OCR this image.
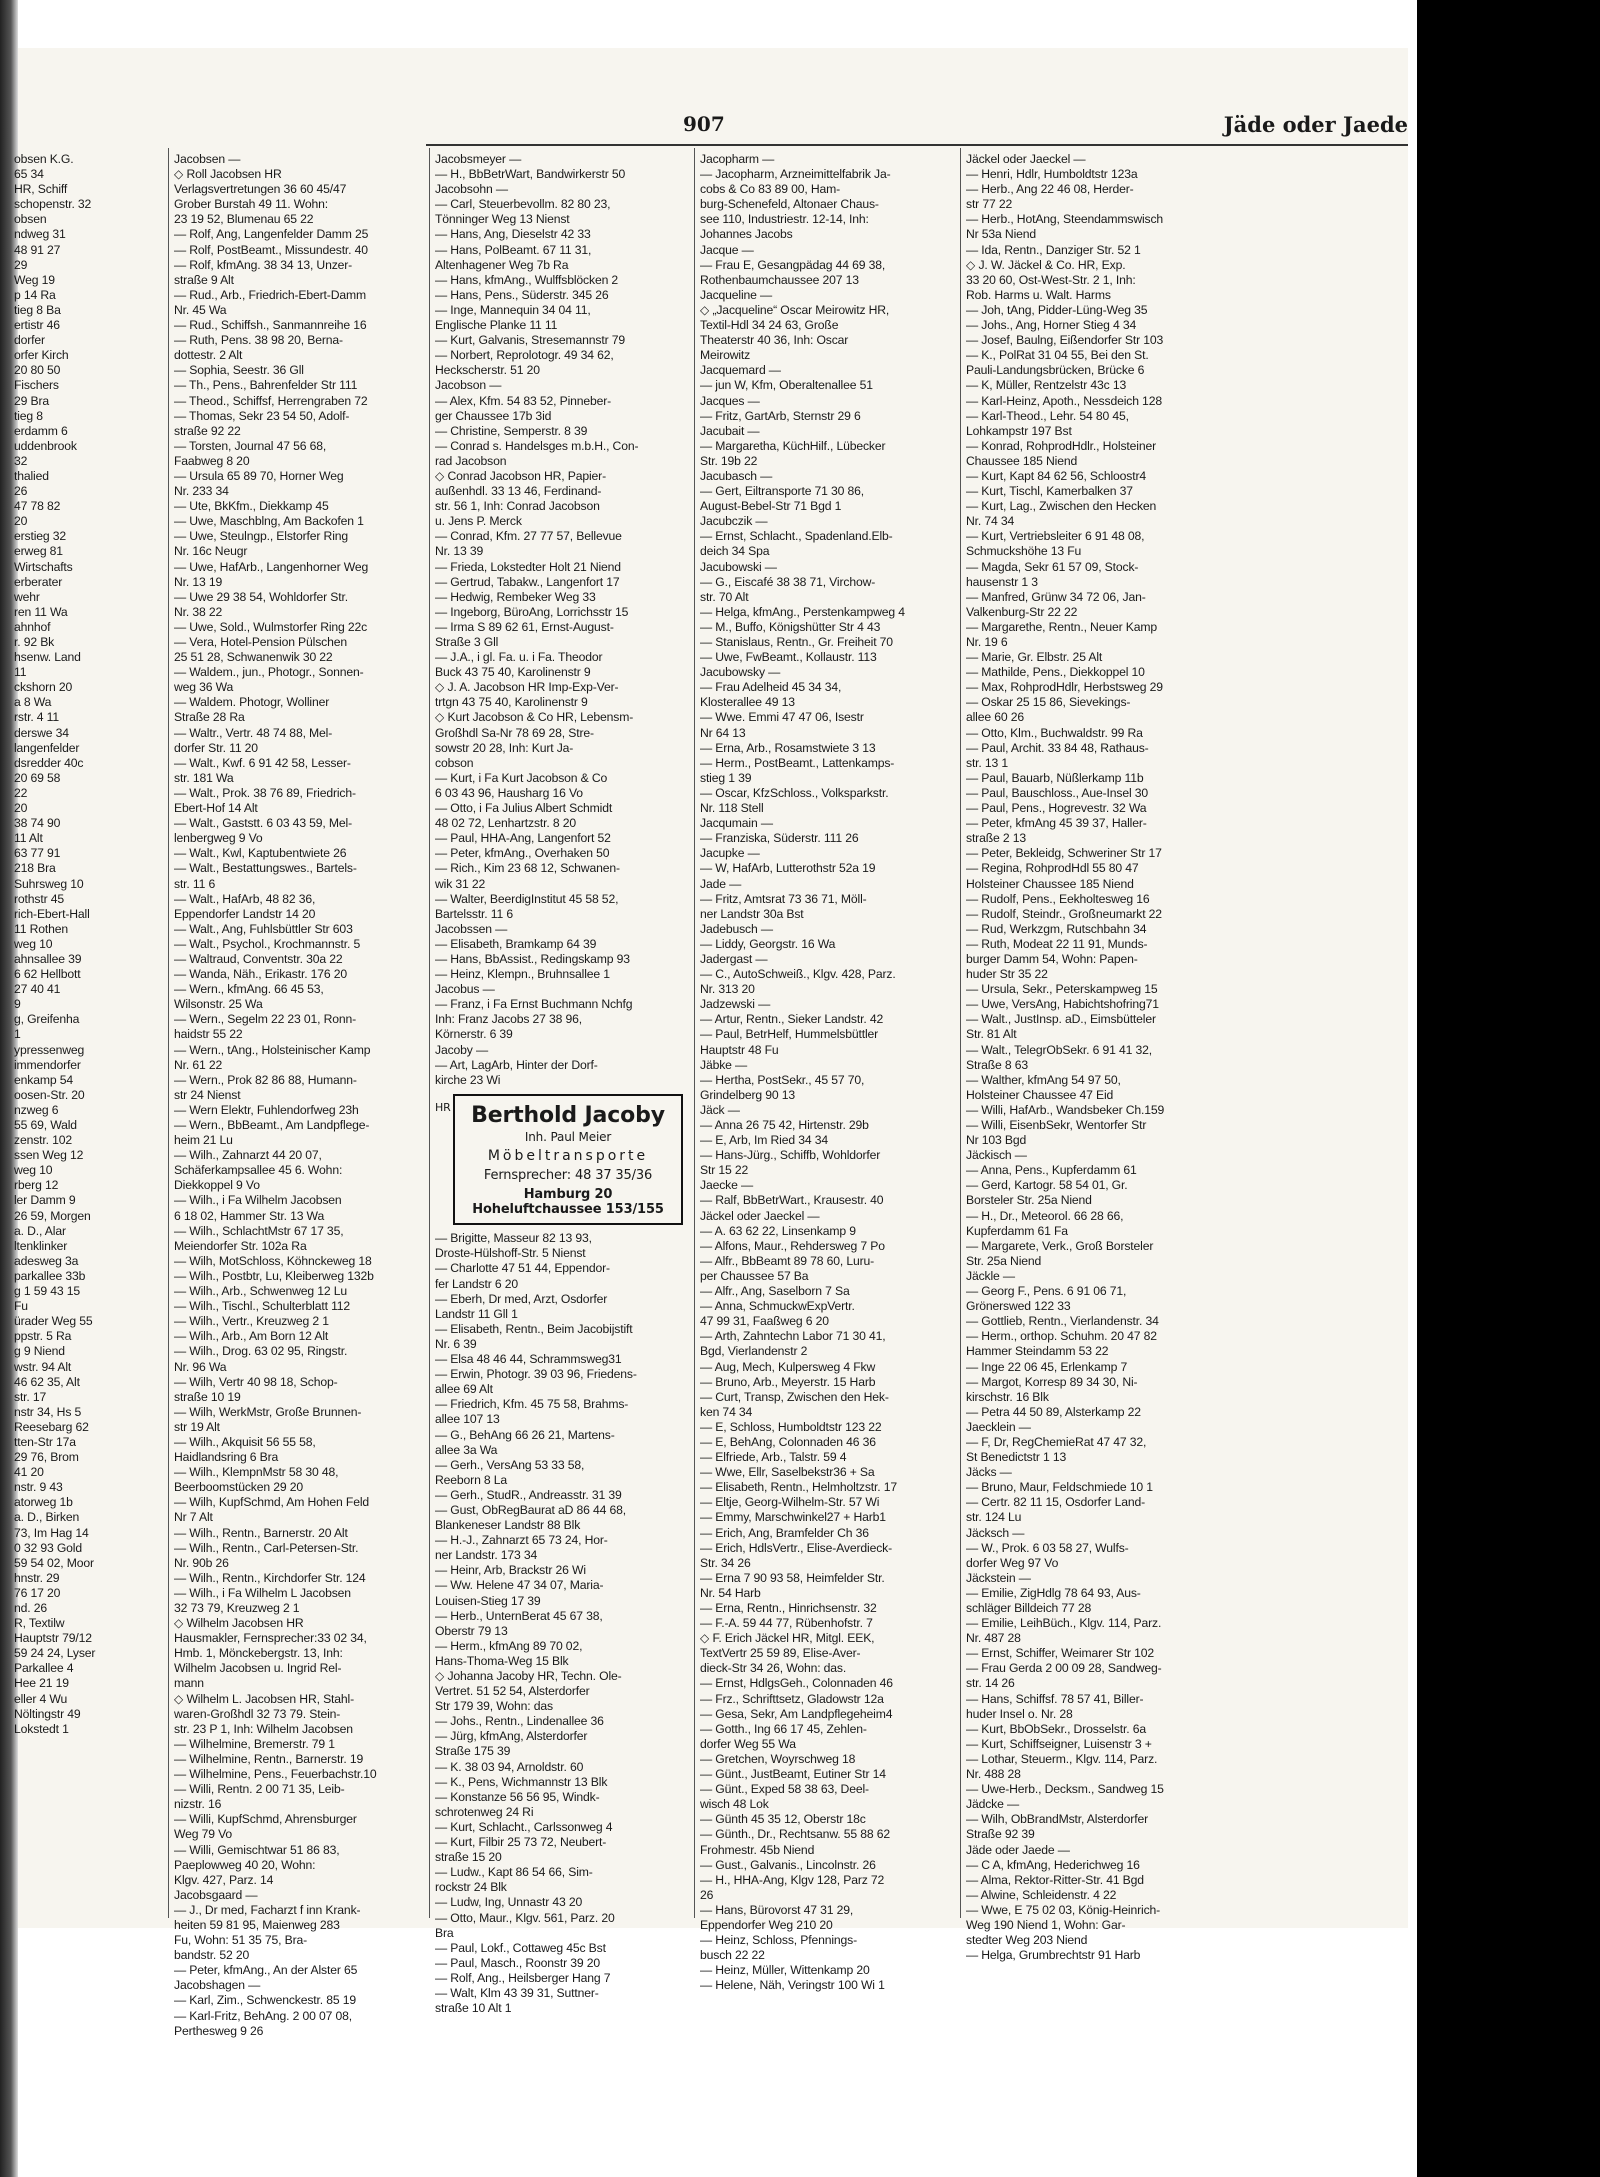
907	Jäde oder Jaede
obsen K.G.
65 34
HR, Schiff
schopenstr. 32
obsen
ndweg 31
48 91 27
29
Weg 19
p 14 Ra
tieg 8 Ba
ertistr 46
dorfer
orfer Kirch
20 80 50
Fischers
29 Bra
tieg 8
erdamm 6
uddenbrook
32
thalied
26
47 78 82
20
erstieg 32
erweg 81
Wirtschafts
erberater
wehr
ren 11 Wa
ahnhof
r. 92 Bk
hsenw. Land
11
ckshorn 20
a 8 Wa
rstr. 4 11
derswe 34
langenfelder
dsredder 40c
20 69 58
22
20
38 74 90
11 Alt
63 77 91
218 Bra
Suhrsweg 10
rothstr 45
rich-Ebert-Hall
11 Rothen
weg 10
ahnsallee 39
6 62 Hellbott
27 40 41
9
g, Greifenha
1
ypressenweg
immendorfer
enkamp 54
oosen-Str. 20
nzweg 6
55 69, Wald
zenstr. 102
ssen Weg 12
weg 10
rberg 12
ler Damm 9
26 59, Morgen
a. D., Alar
ltenklinker
adesweg 3a
parkallee 33b
g 1 59 43 15
Fu
ürader Weg 55
ppstr. 5 Ra
g 9 Niend
wstr. 94 Alt
46 62 35, Alt
str. 17
nstr 34, Hs 5
Reesebarg 62
tten-Str 17a
29 76, Brom
41 20
nstr. 9 43
atorweg 1b
a. D., Birken
73, Im Hag 14
0 32 93 Gold
59 54 02, Moor
hnstr. 29
76 17 20
nd. 26
R, Textilw
Hauptstr 79/12
59 24 24, Lyser
Parkallee 4
Hee 21 19
eller 4 Wu
Nöltingstr 49
Lokstedt 1
Jacobsen —
◇ Roll Jacobsen HR
Verlagsvertretungen 36 60 45/47
Grober Burstah 49 11. Wohn:
23 19 52, Blumenau 65 22
— Rolf, Ang, Langenfelder Damm 25
— Rolf, PostBeamt., Missundestr. 40
— Rolf, kfmAng. 38 34 13, Unzer-
straße 9 Alt
— Rud., Arb., Friedrich-Ebert-Damm
Nr. 45 Wa
— Rud., Schiffsh., Sanmannreihe 16
— Ruth, Pens. 38 98 20, Berna-
dottestr. 2 Alt
— Sophia, Seestr. 36 Gll
— Th., Pens., Bahrenfelder Str 111
— Theod., Schiffsf, Herrengraben 72
— Thomas, Sekr 23 54 50, Adolf-
straße 92 22
— Torsten, Journal 47 56 68,
Faabweg 8 20
— Ursula 65 89 70, Horner Weg
Nr. 233 34
— Ute, BkKfm., Diekkamp 45
— Uwe, Maschblng, Am Backofen 1
— Uwe, Steulngp., Elstorfer Ring
Nr. 16c Neugr
— Uwe, HafArb., Langenhorner Weg
Nr. 13 19
— Uwe 29 38 54, Wohldorfer Str.
Nr. 38 22
— Uwe, Sold., Wulmstorfer Ring 22c
— Vera, Hotel-Pension Pülschen
25 51 28, Schwanenwik 30 22
— Waldem., jun., Photogr., Sonnen-
weg 36 Wa
— Waldem. Photogr, Wolliner
Straße 28 Ra
— Waltr., Vertr. 48 74 88, Mel-
dorfer Str. 11 20
— Walt., Kwf. 6 91 42 58, Lesser-
str. 181 Wa
— Walt., Prok. 38 76 89, Friedrich-
Ebert-Hof 14 Alt
— Walt., Gaststt. 6 03 43 59, Mel-
lenbergweg 9 Vo
— Walt., Kwl, Kaptubentwiete 26
— Walt., Bestattungswes., Bartels-
str. 11 6
— Walt., HafArb, 48 82 36,
Eppendorfer Landstr 14 20
— Walt., Ang, Fuhlsbüttler Str 603
— Walt., Psychol., Krochmannstr. 5
— Waltraud, Conventstr. 30a 22
— Wanda, Näh., Erikastr. 176 20
— Wern., kfmAng. 66 45 53,
Wilsonstr. 25 Wa
— Wern., Segelm 22 23 01, Ronn-
haidstr 55 22
— Wern., tAng., Holsteinischer Kamp
Nr. 61 22
— Wern., Prok 82 86 88, Humann-
str 24 Nienst
— Wern Elektr, Fuhlendorfweg 23h
— Wern., BbBeamt., Am Landpflege-
heim 21 Lu
— Wilh., Zahnarzt 44 20 07,
Schäferkampsallee 45 6. Wohn:
Diekkoppel 9 Vo
— Wilh., i Fa Wilhelm Jacobsen
6 18 02, Hammer Str. 13 Wa
— Wilh., SchlachtMstr 67 17 35,
Meiendorfer Str. 102a Ra
— Wilh, MotSchloss, Köhnckeweg 18
— Wilh., Postbtr, Lu, Kleiberweg 132b
— Wilh., Arb., Schwenweg 12 Lu
— Wilh., Tischl., Schulterblatt 112
— Wilh., Vertr., Kreuzweg 2 1
— Wilh., Arb., Am Born 12 Alt
— Wilh., Drog. 63 02 95, Ringstr.
Nr. 96 Wa
— Wilh, Vertr 40 98 18, Schop-
straße 10 19
— Wilh, WerkMstr, Große Brunnen-
str 19 Alt
— Wilh., Akquisit 56 55 58,
Haidlandsring 6 Bra
— Wilh., KlempnMstr 58 30 48,
Beerboomstücken 29 20
— Wilh, KupfSchmd, Am Hohen Feld
Nr 7 Alt
— Wilh., Rentn., Barnerstr. 20 Alt
— Wilh., Rentn., Carl-Petersen-Str.
Nr. 90b 26
— Wilh., Rentn., Kirchdorfer Str. 124
— Wilh., i Fa Wilhelm L Jacobsen
32 73 79, Kreuzweg 2 1
◇ Wilhelm Jacobsen HR
Hausmakler, Fernsprecher:33 02 34,
Hmb. 1, Mönckebergstr. 13, Inh:
Wilhelm Jacobsen u. Ingrid Rel-
mann
◇ Wilhelm L. Jacobsen HR, Stahl-
waren-Großhdl 32 73 79. Stein-
str. 23 P 1, Inh: Wilhelm Jacobsen
— Wilhelmine, Bremerstr. 79 1
— Wilhelmine, Rentn., Barnerstr. 19
— Wilhelmine, Pens., Feuerbachstr.10
— Willi, Rentn. 2 00 71 35, Leib-
nizstr. 16
— Willi, KupfSchmd, Ahrensburger
Weg 79 Vo
— Willi, Gemischtwar 51 86 83,
Paeplowweg 40 20, Wohn:
Klgv. 427, Parz. 14
Jacobsgaard —
— J., Dr med, Facharzt f inn Krank-
heiten 59 81 95, Maienweg 283
Fu, Wohn: 51 35 75, Bra-
bandstr. 52 20
— Peter, kfmAng., An der Alster 65
Jacobshagen —
— Karl, Zim., Schwenckestr. 85 19
— Karl-Fritz, BehAng. 2 00 07 08,
Perthesweg 9 26
Jacobsmeyer —
— H., BbBetrWart, Bandwirkerstr 50
Jacobsohn —
— Carl, Steuerbevollm. 82 80 23,
Tönninger Weg 13 Nienst
— Hans, Ang, Dieselstr 42 33
— Hans, PolBeamt. 67 11 31,
Altenhagener Weg 7b Ra
— Hans, kfmAng., Wulffsblöcken 2
— Hans, Pens., Süderstr. 345 26
— Inge, Mannequin 34 04 11,
Englische Planke 11 11
— Kurt, Galvanis, Stresemannstr 79
— Norbert, Reprolotogr. 49 34 62,
Heckscherstr. 51 20
Jacobson —
— Alex, Kfm. 54 83 52, Pinneber-
ger Chaussee 17b 3id
— Christine, Semperstr. 8 39
— Conrad s. Handelsges m.b.H., Con-
rad Jacobson
◇ Conrad Jacobson HR, Papier-
außenhdl. 33 13 46, Ferdinand-
str. 56 1, Inh: Conrad Jacobson
u. Jens P. Merck
— Conrad, Kfm. 27 77 57, Bellevue
Nr. 13 39
— Frieda, Lokstedter Holt 21 Niend
— Gertrud, Tabakw., Langenfort 17
— Hedwig, Rembeker Weg 33
— Ingeborg, BüroAng, Lorrichsstr 15
— Irma S 89 62 61, Ernst-August-
Straße 3 Gll
— J.A., i gl. Fa. u. i Fa. Theodor
Buck 43 75 40, Karolinenstr 9
◇ J. A. Jacobson HR Imp-Exp-Ver-
trtgn 43 75 40, Karolinenstr 9
◇ Kurt Jacobson & Co HR, Lebensm-
Großhdl Sa-Nr 78 69 28, Stre-
sowstr 20 28, Inh: Kurt Ja-
cobson
— Kurt, i Fa Kurt Jacobson & Co
6 03 43 96, Hausharg 16 Vo
— Otto, i Fa Julius Albert Schmidt
48 02 72, Lenhartzstr. 8 20
— Paul, HHA-Ang, Langenfort 52
— Peter, kfmAng., Overhaken 50
— Rich., Kim 23 68 12, Schwanen-
wik 31 22
— Walter, BeerdigInstitut 45 58 52,
Bartelsstr. 11 6
Jacobssen —
— Elisabeth, Bramkamp 64 39
— Hans, BbAssist., Redingskamp 93
— Heinz, Klempn., Bruhnsallee 1
Jacobus —
— Franz, i Fa Ernst Buchmann Nchfg
Inh: Franz Jacobs 27 38 96,
Körnerstr. 6 39
Jacoby —
— Art, LagArb, Hinter der Dorf-
kirche 23 Wi
Berthold Jacoby
Inh. Paul Meier
Möbeltransporte
Fernsprecher: 48 37 35/36
Hamburg 20
Hoheluftchaussee 153/155
HR
— Brigitte, Masseur 82 13 93,
Droste-Hülshoff-Str. 5 Nienst
— Charlotte 47 51 44, Eppendor-
fer Landstr 6 20
— Eberh, Dr med, Arzt, Osdorfer
Landstr 11 Gll 1
— Elisabeth, Rentn., Beim Jacobijstift
Nr. 6 39
— Elsa 48 46 44, Schrammsweg31
— Erwin, Photogr. 39 03 96, Friedens-
allee 69 Alt
— Friedrich, Kfm. 45 75 58, Brahms-
allee 107 13
— G., BehAng 66 26 21, Martens-
allee 3a Wa
— Gerh., VersAng 53 33 58,
Reeborn 8 La
— Gerh., StudR., Andreasstr. 31 39
— Gust, ObRegBaurat aD 86 44 68,
Blankeneser Landstr 88 Blk
— H.-J., Zahnarzt 65 73 24, Hor-
ner Landstr. 173 34
— Heinr, Arb, Brackstr 26 Wi
— Ww. Helene 47 34 07, Maria-
Louisen-Stieg 17 39
— Herb., UnternBerat 45 67 38,
Oberstr 79 13
— Herm., kfmAng 89 70 02,
Hans-Thoma-Weg 15 Blk
◇ Johanna Jacoby HR, Techn. Ole-
Vertret. 51 52 54, Alsterdorfer
Str 179 39, Wohn: das
— Johs., Rentn., Lindenallee 36
— Jürg, kfmAng, Alsterdorfer
Straße 175 39
— K. 38 03 94, Arnoldstr. 60
— K., Pens, Wichmannstr 13 Blk
— Konstanze 56 56 95, Windk-
schrotenweg 24 Ri
— Kurt, Schlacht., Carlssonweg 4
— Kurt, Filbir 25 73 72, Neubert-
straße 15 20
— Ludw., Kapt 86 54 66, Sim-
rockstr 24 Blk
— Ludw, Ing, Unnastr 43 20
— Otto, Maur., Klgv. 561, Parz. 20
Bra
— Paul, Lokf., Cottaweg 45c Bst
— Paul, Masch., Roonstr 39 20
— Rolf, Ang., Heilsberger Hang 7
— Walt, Klm 43 39 31, Suttner-
straße 10 Alt 1
Jacopharm —
— Jacopharm, Arzneimittelfabrik Ja-
cobs & Co 83 89 00, Ham-
burg-Schenefeld, Altonaer Chaus-
see 110, Industriestr. 12-14, Inh:
Johannes Jacobs
Jacque —
— Frau E, Gesangpädag 44 69 38,
Rothenbaumchaussee 207 13
Jacqueline —
◇ „Jacqueline“ Oscar Meirowitz HR,
Textil-Hdl 34 24 63, Große
Theaterstr 40 36, Inh: Oscar
Meirowitz
Jacquemard —
— jun W, Kfm, Oberaltenallee 51
Jacques —
— Fritz, GartArb, Sternstr 29 6
Jacubait —
— Margaretha, KüchHilf., Lübecker
Str. 19b 22
Jacubasch —
— Gert, Eiltransporte 71 30 86,
August-Bebel-Str 71 Bgd 1
Jacubczik —
— Ernst, Schlacht., Spadenland.Elb-
deich 34 Spa
Jacubowski —
— G., Eiscafé 38 38 71, Virchow-
str. 70 Alt
— Helga, kfmAng., Perstenkampweg 4
— M., Buffo, Königshütter Str 4 43
— Stanislaus, Rentn., Gr. Freiheit 70
— Uwe, FwBeamt., Kollaustr. 113
Jacubowsky —
— Frau Adelheid 45 34 34,
Klosterallee 49 13
— Wwe. Emmi 47 47 06, Isestr
Nr 64 13
— Erna, Arb., Rosamstwiete 3 13
— Herm., PostBeamt., Lattenkamps-
stieg 1 39
— Oscar, KfzSchloss., Volksparkstr.
Nr. 118 Stell
Jacqumain —
— Franziska, Süderstr. 111 26
Jacupke —
— W, HafArb, Lutterothstr 52a 19
Jade —
— Fritz, Amtsrat 73 36 71, Möll-
ner Landstr 30a Bst
Jadebusch —
— Liddy, Georgstr. 16 Wa
Jadergast —
— C., AutoSchweiß., Klgv. 428, Parz.
Nr. 313 20
Jadzewski —
— Artur, Rentn., Sieker Landstr. 42
— Paul, BetrHelf, Hummelsbüttler
Hauptstr 48 Fu
Jäbke —
— Hertha, PostSekr., 45 57 70,
Grindelberg 90 13
Jäck —
— Anna 26 75 42, Hirtenstr. 29b
— E, Arb, Im Ried 34 34
— Hans-Jürg., Schiffb, Wohldorfer
Str 15 22
Jaecke —
— Ralf, BbBetrWart., Krausestr. 40
Jäckel oder Jaeckel —
— A. 63 62 22, Linsenkamp 9
— Alfons, Maur., Rehdersweg 7 Po
— Alfr., BbBeamt 89 78 60, Luru-
per Chaussee 57 Ba
— Alfr., Ang, Saselborn 7 Sa
— Anna, SchmuckwExpVertr.
47 99 31, Faaßweg 6 20
— Arth, Zahntechn Labor 71 30 41,
Bgd, Vierlandenstr 2
— Aug, Mech, Kulpersweg 4 Fkw
— Bruno, Arb., Meyerstr. 15 Harb
— Curt, Transp, Zwischen den Hek-
ken 74 34
— E, Schloss, Humboldtstr 123 22
— E, BehAng, Colonnaden 46 36
— Elfriede, Arb., Talstr. 59 4
— Wwe, Ellr, Saselbekstr36 + Sa
— Elisabeth, Rentn., Helmholtzstr. 17
— Eltje, Georg-Wilhelm-Str. 57 Wi
— Emmy, Marschwinkel27 + Harb1
— Erich, Ang, Bramfelder Ch 36
— Erich, HdlsVertr., Elise-Averdieck-
Str. 34 26
— Erna 7 90 93 58, Heimfelder Str.
Nr. 54 Harb
— Erna, Rentn., Hinrichsenstr. 32
— F.-A. 59 44 77, Rübenhofstr. 7
◇ F. Erich Jäckel HR, Mitgl. EEK,
TextVertr 25 59 89, Elise-Aver-
dieck-Str 34 26, Wohn: das.
— Ernst, HdlgsGeh., Colonnaden 46
— Frz., Schrifttsetz, Gladowstr 12a
— Gesa, Sekr, Am Landpflegeheim4
— Gotth., Ing 66 17 45, Zehlen-
dorfer Weg 55 Wa
— Gretchen, Woyrschweg 18
— Günt., JustBeamt, Eutiner Str 14
— Günt., Exped 58 38 63, Deel-
wisch 48 Lok
— Günth 45 35 12, Oberstr 18c
— Günth., Dr., Rechtsanw. 55 88 62
Frohmestr. 45b Niend
— Gust., Galvanis., Lincolnstr. 26
— H., HHA-Ang, Klgv 128, Parz 72
26
— Hans, Bürovorst 47 31 29,
Eppendorfer Weg 210 20
— Heinz, Schloss, Pfennings-
busch 22 22
— Heinz, Müller, Wittenkamp 20
— Helene, Näh, Veringstr 100 Wi 1
Jäckel oder Jaeckel —
— Henri, Hdlr, Humboldtstr 123a
— Herb., Ang 22 46 08, Herder-
str 77 22
— Herb., HotAng, Steendammswisch
Nr 53a Niend
— Ida, Rentn., Danziger Str. 52 1
◇ J. W. Jäckel & Co. HR, Exp.
33 20 60, Ost-West-Str. 2 1, Inh:
Rob. Harms u. Walt. Harms
— Joh, tAng, Pidder-Lüng-Weg 35
— Johs., Ang, Horner Stieg 4 34
— Josef, Baulng, Eißendorfer Str 103
— K., PolRat 31 04 55, Bei den St.
Pauli-Landungsbrücken, Brücke 6
— K, Müller, Rentzelstr 43c 13
— Karl-Heinz, Apoth., Nessdeich 128
— Karl-Theod., Lehr. 54 80 45,
Lohkampstr 197 Bst
— Konrad, RohprodHdlr., Holsteiner
Chaussee 185 Niend
— Kurt, Kapt 84 62 56, Schloostr4
— Kurt, Tischl, Kamerbalken 37
— Kurt, Lag., Zwischen den Hecken
Nr. 74 34
— Kurt, Vertriebsleiter 6 91 48 08,
Schmuckshöhe 13 Fu
— Magda, Sekr 61 57 09, Stock-
hausenstr 1 3
— Manfred, Grünw 34 72 06, Jan-
Valkenburg-Str 22 22
— Margarethe, Rentn., Neuer Kamp
Nr. 19 6
— Marie, Gr. Elbstr. 25 Alt
— Mathilde, Pens., Diekkoppel 10
— Max, RohprodHdlr, Herbstsweg 29
— Oskar 25 15 86, Sievekings-
allee 60 26
— Otto, Klm., Buchwaldstr. 99 Ra
— Paul, Archit. 33 84 48, Rathaus-
str. 13 1
— Paul, Bauarb, Nüßlerkamp 11b
— Paul, Bauschloss., Aue-Insel 30
— Paul, Pens., Hogrevestr. 32 Wa
— Peter, kfmAng 45 39 37, Haller-
straße 2 13
— Peter, Bekleidg, Schweriner Str 17
— Regina, RohprodHdl 55 80 47
Holsteiner Chaussee 185 Niend
— Rudolf, Pens., Eekholtesweg 16
— Rudolf, Steindr., Großneumarkt 22
— Rud, Werkzgm, Rutschbahn 34
— Ruth, Modeat 22 11 91, Munds-
burger Damm 54, Wohn: Papen-
huder Str 35 22
— Ursula, Sekr., Peterskampweg 15
— Uwe, VersAng, Habichtshofring71
— Walt., JustInsp. aD., Eimsbütteler
Str. 81 Alt
— Walt., TelegrObSekr. 6 91 41 32,
Straße 8 63
— Walther, kfmAng 54 97 50,
Holsteiner Chaussee 47 Eid
— Willi, HafArb., Wandsbeker Ch.159
— Willi, EisenbSekr, Wentorfer Str
Nr 103 Bgd
Jäckisch —
— Anna, Pens., Kupferdamm 61
— Gerd, Kartogr. 58 54 01, Gr.
Borsteler Str. 25a Niend
— H., Dr., Meteorol. 66 28 66,
Kupferdamm 61 Fa
— Margarete, Verk., Groß Borsteler
Str. 25a Niend
Jäckle —
— Georg F., Pens. 6 91 06 71,
Grönerswed 122 33
— Gottlieb, Rentn., Vierlandenstr. 34
— Herm., orthop. Schuhm. 20 47 82
Hammer Steindamm 53 22
— Inge 22 06 45, Erlenkamp 7
— Margot, Korresp 89 34 30, Ni-
kirschstr. 16 Blk
— Petra 44 50 89, Alsterkamp 22
Jaecklein —
— F, Dr, RegChemieRat 47 47 32,
St Benedictstr 1 13
Jäcks —
— Bruno, Maur, Feldschmiede 10 1
— Certr. 82 11 15, Osdorfer Land-
str. 124 Lu
Jäcksch —
— W., Prok. 6 03 58 27, Wulfs-
dorfer Weg 97 Vo
Jäckstein —
— Emilie, ZigHdlg 78 64 93, Aus-
schläger Billdeich 77 28
— Emilie, LeihBüch., Klgv. 114, Parz.
Nr. 487 28
— Ernst, Schiffer, Weimarer Str 102
— Frau Gerda 2 00 09 28, Sandweg-
str. 14 26
— Hans, Schiffsf. 78 57 41, Biller-
huder Insel o. Nr. 28
— Kurt, BbObSekr., Drosselstr. 6a
— Kurt, Schiffseigner, Luisenstr 3 +
— Lothar, Steuerm., Klgv. 114, Parz.
Nr. 488 28
— Uwe-Herb., Decksm., Sandweg 15
Jädcke —
— Wilh, ObBrandMstr, Alsterdorfer
Straße 92 39
Jäde oder Jaede —
— C A, kfmAng, Hederichweg 16
— Alma, Rektor-Ritter-Str. 41 Bgd
— Alwine, Schleidenstr. 4 22
— Wwe, E 75 02 03, König-Heinrich-
Weg 190 Niend 1, Wohn: Gar-
stedter Weg 203 Niend
— Helga, Grumbrechtstr 91 Harb
